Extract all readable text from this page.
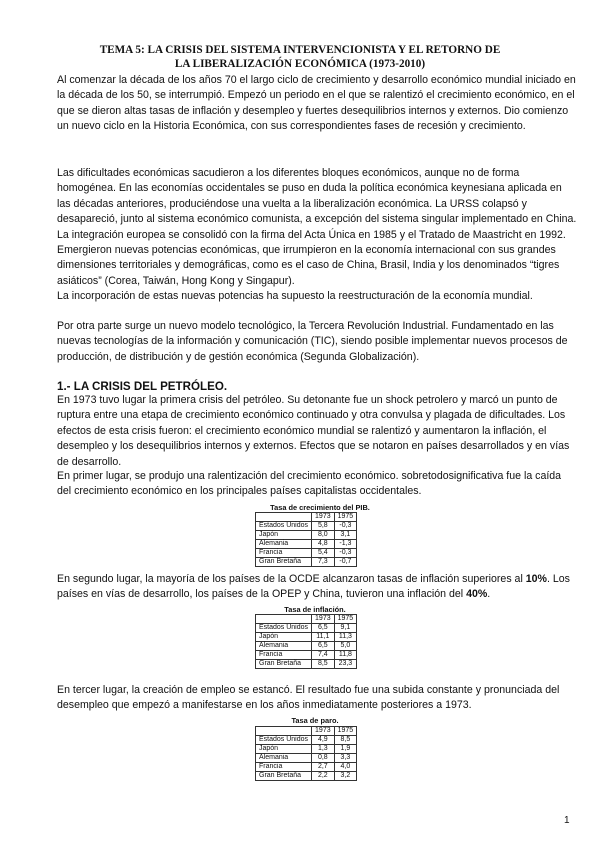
TEMA 5: LA CRISIS DEL SISTEMA INTERVENCIONISTA Y EL RETORNO DE
LA LIBERALIZACIÓN ECONÓMICA (1973-2010)

Al comenzar la década de los años 70 el largo ciclo de crecimiento y desarrollo económico mundial iniciado en la década de los 50, se interrumpió. Empezó un periodo en el que se ralentizó el crecimiento económico, en el que se dieron altas tasas de inflación y desempleo y fuertes desequilibrios internos y externos. Dio comienzo un nuevo ciclo en la Historia Económica, con sus correspondientes fases de recesión y crecimiento.

Las dificultades económicas sacudieron a los diferentes bloques económicos, aunque no de forma homogénea. En las economías occidentales se puso en duda la política económica keynesiana aplicada en las décadas anteriores, produciéndose una vuelta a la liberalización económica. La URSS colapsó y desapareció, junto al sistema económico comunista, a excepción del sistema singular implementado en China. La integración europea se consolidó con la firma del Acta Única en 1985 y el Tratado de Maastricht en 1992. Emergieron nuevas potencias económicas, que irrumpieron en la economía internacional con sus grandes dimensiones territoriales y demográficas, como es el caso de China, Brasil, India y los denominados “tigres asiáticos” (Corea, Taiwán, Hong Kong y Singapur).

La incorporación de estas nuevas potencias ha supuesto la reestructuración de la economía mundial.

Por otra parte surge un nuevo modelo tecnológico, la Tercera Revolución Industrial. Fundamentado en las nuevas tecnologías de la información y comunicación (TIC), siendo posible implementar nuevos procesos de producción, de distribución y de gestión económica (Segunda Globalización).

1.- LA CRISIS DEL PETRÓLEO.

En 1973 tuvo lugar la primera crisis del petróleo. Su detonante fue un shock petrolero y marcó un punto de ruptura entre una etapa de crecimiento económico continuado y otra convulsa y plagada de dificultades. Los efectos de esta crisis fueron: el crecimiento económico mundial se ralentizó y aumentaron la inflación, el desempleo y los desequilibrios internos y externos. Efectos que se notaron en países desarrollados y en vías de desarrollo.

En primer lugar, se produjo una ralentización del crecimiento económico. sobretodosignificativa fue la caída del crecimiento económico en los principales países capitalistas occidentales.

Tasa de crecimiento del PIB.
	1973	1975
Estados Unidos	5,8	-0,3
Japón	8,0	3,1
Alemania	4,8	-1,3
Francia	5,4	-0,3
Gran Bretaña	7,3	-0,7

En segundo lugar, la mayoría de los países de la OCDE alcanzaron tasas de inflación superiores al 10%. Los países en vías de desarrollo, los países de la OPEP y China, tuvieron una inflación del 40%.

Tasa de inflación.
	1973	1975
Estados Unidos	6,5	9,1
Japón	11,1	11,3
Alemania	6,5	5,0
Francia	7,4	11,8
Gran Bretaña	8,5	23,3

En tercer lugar, la creación de empleo se estancó. El resultado fue una subida constante y pronunciada del desempleo que empezó a manifestarse en los años inmediatamente posteriores a 1973.

Tasa de paro.
	1973	1975
Estados Unidos	4,9	8,5
Japón	1,3	1,9
Alemania	0,8	3,3
Francia	2,7	4,0
Gran Bretaña	2,2	3,2
1
